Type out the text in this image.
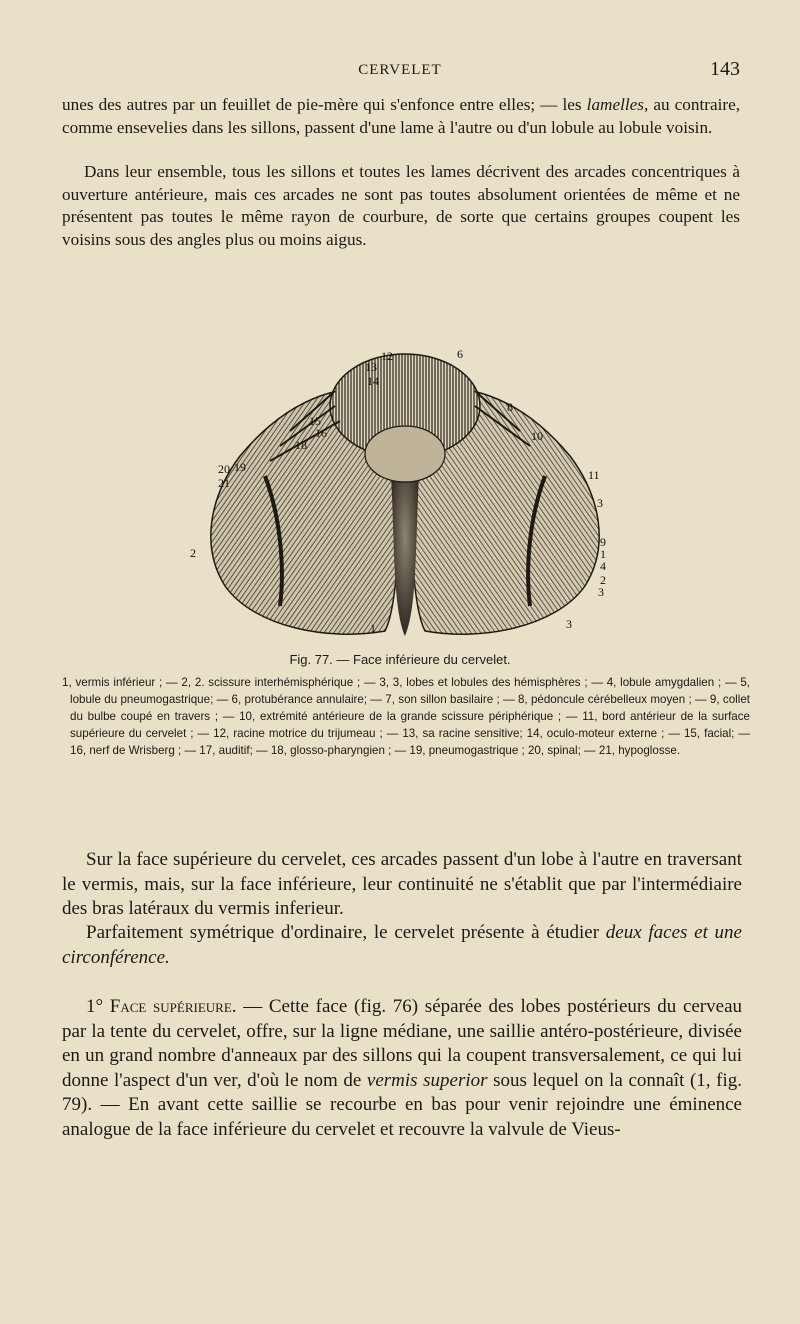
CERVELET	143

unes des autres par un feuillet de pie-mère qui s'enfonce entre elles; — les lamelles, au contraire, comme ensevelies dans les sillons, passent d'une lame à l'autre ou d'un lobule au lobule voisin.

Dans leur ensemble, tous les sillons et toutes les lames décrivent des arcades concentriques à ouverture antérieure, mais ces arcades ne sont pas toutes absolument orientées de même et ne présentent pas toutes le même rayon de courbure, de sorte que certains groupes coupent les voisins sous des angles plus ou moins aigus.

12
13
14
6
15
16
18
20 19
21
8
10
11
3
9
1
4
2
2
3
1	3
Fig. 77. — Face inférieure du cervelet.

1, vermis inférieur ; — 2, 2. scissure interhémisphérique ; — 3, 3, lobes et lobules des hémisphères ; — 4, lobule amygdalien ; — 5, lobule du pneumogastrique; — 6, protubérance annulaire; — 7, son sillon basilaire ; — 8, pédoncule cérébelleux moyen ; — 9, collet du bulbe coupé en travers ; — 10, extrémité antérieure de la grande scissure périphérique ; — 11, bord antérieur de la surface supérieure du cervelet ; — 12, racine motrice du trijumeau ; — 13, sa racine sensitive; 14, oculo-moteur externe ; — 15, facial; — 16, nerf de Wrisberg ; — 17, auditif; — 18, glosso-pharyngien ; — 19, pneumogastrique ; 20, spinal; — 21, hypoglosse.

Sur la face supérieure du cervelet, ces arcades passent d'un lobe à l'autre en traversant le vermis, mais, sur la face inférieure, leur continuité ne s'établit que par l'intermédiaire des bras latéraux du vermis inferieur.

Parfaitement symétrique d'ordinaire, le cervelet présente à étudier deux faces et une circonférence.

1° Face supérieure. — Cette face (fig. 76) séparée des lobes postérieurs du cerveau par la tente du cervelet, offre, sur la ligne médiane, une saillie antéro-postérieure, divisée en un grand nombre d'anneaux par des sillons qui la coupent transversalement, ce qui lui donne l'aspect d'un ver, d'où le nom de vermis superior sous lequel on la connaît (1, fig. 79). — En avant cette saillie se recourbe en bas pour venir rejoindre une éminence analogue de la face inférieure du cervelet et recouvre la valvule de Vieus-
